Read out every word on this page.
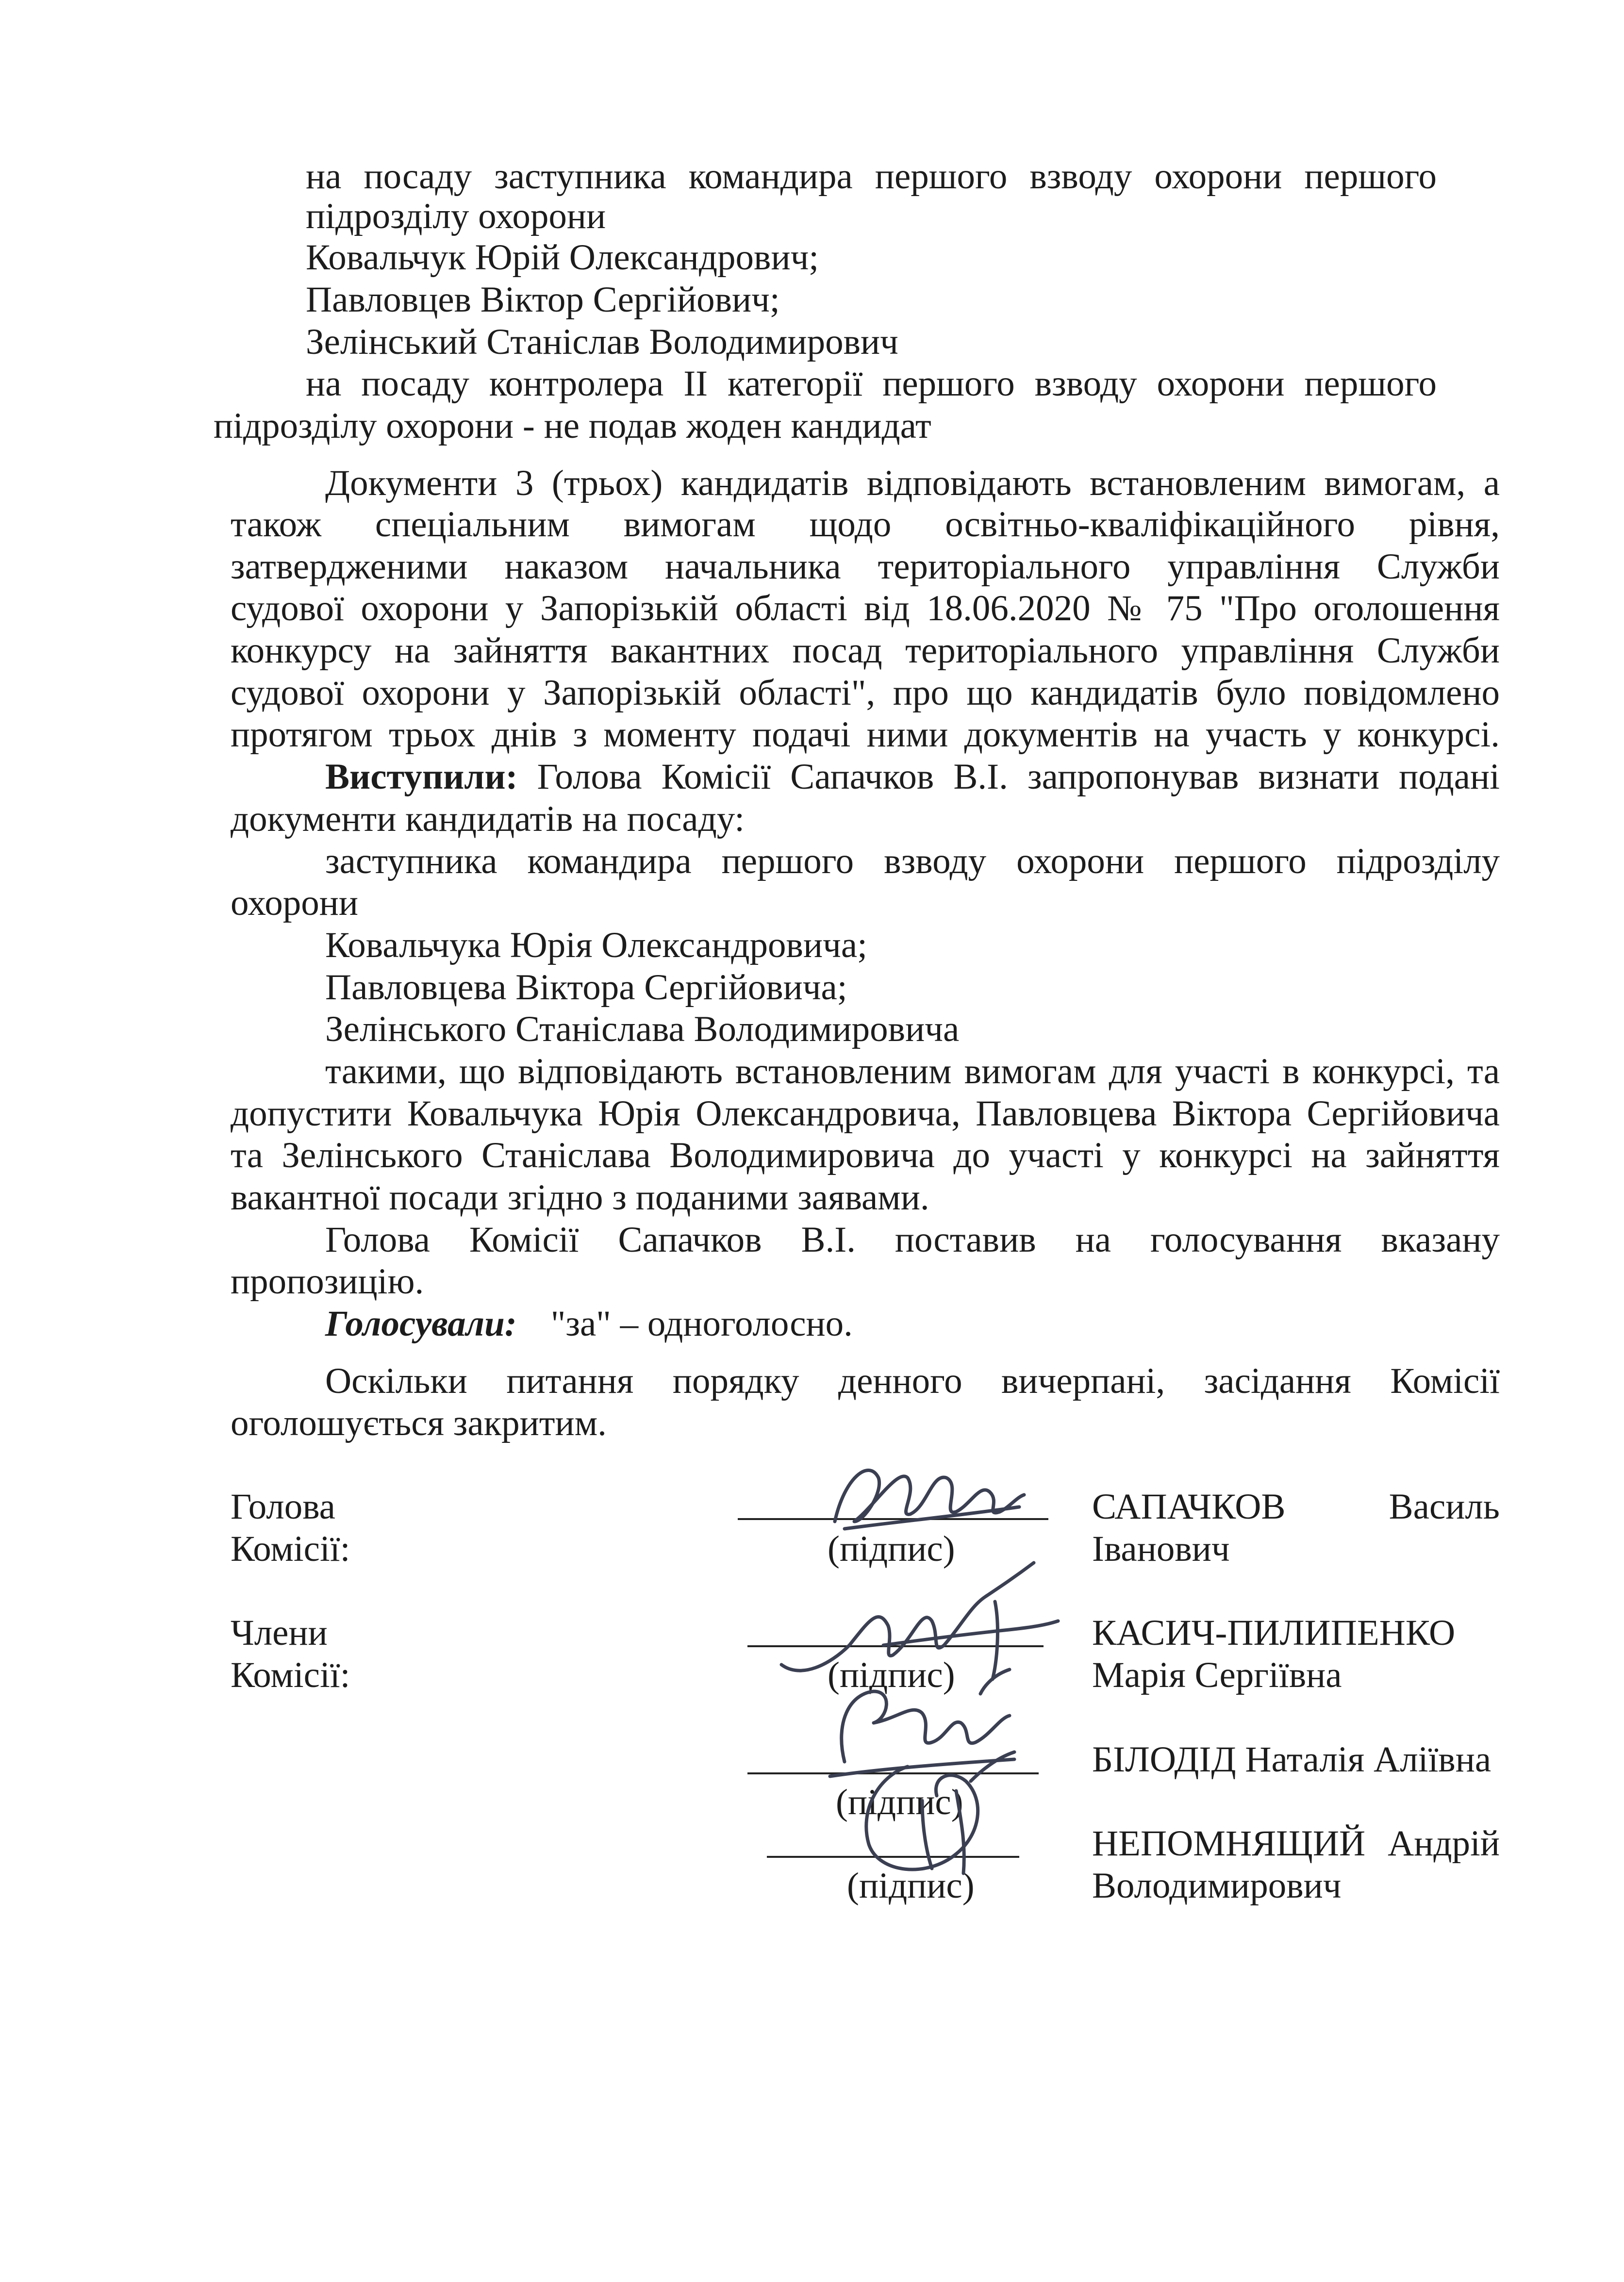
на посаду заступника командира першого взводу охорони першого

підрозділу охорони

Ковальчук Юрій Олександрович;

Павловцев Віктор Сергійович;

Зелінський Станіслав Володимирович

на посаду контролера ІІ категорії першого взводу охорони першого

підрозділу охорони - не подав жоден кандидат

Документи 3 (трьох) кандидатів відповідають встановленим вимогам, а

також спеціальним вимогам щодо освітньо-кваліфікаційного рівня,

затвердженими наказом начальника територіального управління Служби

судової охорони у Запорізькій області від 18.06.2020 № 75 "Про оголошення

конкурсу на зайняття вакантних посад територіального управління Служби

судової охорони у Запорізькій області", про що кандидатів було повідомлено

протягом трьох днів з моменту подачі ними документів на участь у конкурсі.

Виступили: Голова Комісії Сапачков В.І. запропонував визнати подані

документи кандидатів на посаду:

заступника командира першого взводу охорони першого підрозділу

охорони

Ковальчука Юрія Олександровича;

Павловцева Віктора Сергійовича;

Зелінського Станіслава Володимировича

такими, що відповідають встановленим вимогам для участі в конкурсі, та

допустити Ковальчука Юрія Олександровича, Павловцева Віктора Сергійовича

та Зелінського Станіслава Володимировича до участі у конкурсі на зайняття

вакантної посади згідно з поданими заявами.

Голова Комісії Сапачков В.І. поставив на голосування вказану

пропозицію.

Голосували: "за" – одноголосно.

Оскільки питання порядку денного вичерпані, засідання Комісії

оголошується закритим.

Голова

Комісії:

Члени

Комісії:

(підпис)

(підпис)

(підпис)

(підпис)

САПАЧКОВ Василь

Іванович

КАСИЧ-ПИЛИПЕНКО

Марія Сергіївна

БІЛОДІД Наталія Аліївна

НЕПОМНЯЩИЙ Андрій

Володимирович
